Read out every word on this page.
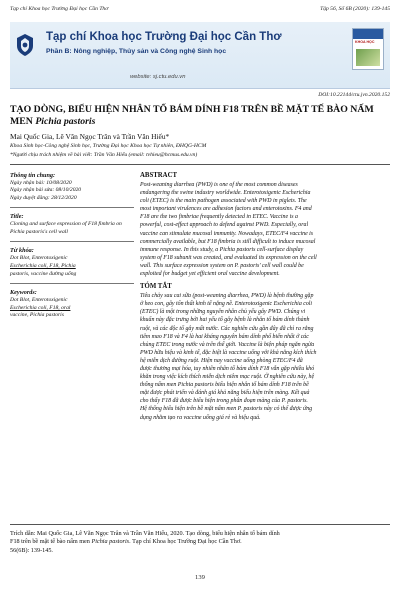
Tạp chí Khoa học Trường Đại học Cần Thơ	Tập 56, Số 6B (2020): 139-145
Tạp chí Khoa học Trường Đại học Cần Thơ
Phần B: Nông nghiệp, Thủy sản và Công nghệ Sinh học
website: sj.ctu.edu.vn
KHOA HỌC
DOI:10.22144/ctu.jvn.2020.152
TẠO DÒNG, BIỂU HIỆN NHÂN TỐ BÁM DÍNH F18 TRÊN BỀ MẶT TẾ BÀO NẤM MEN Pichia pastoris
Mai Quốc Gia, Lê Văn Ngọc Trân và Trần Văn Hiếu*
Khoa Sinh học-Công nghệ Sinh học, Trường Đại học Khoa học Tự nhiên, ĐHQG-HCM
*Người chịu trách nhiệm về bài viết: Trần Văn Hiếu (email: tvhieu@hcmus.edu.vn)

Thông tin chung:

Ngày nhận bài: 10/08/2020

Ngày nhận bài sửa: 08/10/2020

Ngày duyệt đăng: 28/12/2020

Title:

Cloning and surface expression of F18 fimbria on Pichia pastoris's cell wall

Từ khóa:

Dot Blot, Enterotoxigenic

Escherichia coli, F18, Pichia

pastoris, vaccine đường uống

Keywords:

Dot Blot, Enterotoxigenic

Escherichia coli, F18, oral

vaccine, Pichia pastoris

ABSTRACT

Post-weaning diarrhea (PWD) is one of the most common diseases

endangering the swine industry worldwide. Enterotoxigenic Escherichia

coli (ETEC) is the main pathogen associated with PWD in piglets. The

most important virulences are adhesion factors and enterotoxins. F4 and

F18 are the two fimbriae frequently detected in ETEC. Vaccine is a

powerful, cost-effect approach to defend against PWD. Especially, oral

vaccine can stimulate mucosal immunity. Nowadays, ETEC/F4 vaccine is

commercially available, but F18 fimbria is still difficult to induce mucosal

immune response. In this study, a Pichia pastoris cell-surface display

system of F18 subunit was created, and evaluated its expression on the cell

wall. This surface expression system on P. pastoris' cell wall could be

exploited for budget yet efficient oral vaccine development.

TÓM TẮT

Tiêu chảy sau cai sữa (post-weaning diarrhea, PWD) là bệnh thường gặp

ở heo con, gây tổn thất kinh tế nặng nề. Enterotoxigenic Escherichia coli

(ETEC) là một trong những nguyên nhân chủ yếu gây PWD. Chúng vi

khuẩn này đặc trưng bởi hai yếu tố gây bệnh là nhân tố bám dính thành

ruột, và các độc tố gây mất nước. Các nghiên cứu gần đây đã chỉ ra rằng

tiêm mao F18 và F4 là hai kháng nguyên bám dính phổ biến nhất ở các

chủng ETEC trong nước và trên thế giới. Vaccine là biện pháp ngăn ngừa

PWD hữu hiệu và kinh tế, đặc biệt là vaccine uống với khả năng kích thích

hệ miễn dịch đường ruột. Hiện nay vaccine uống phòng ETEC/F4 đã

được thương mại hóa, tuy nhiên nhân tố bám dính F18 vẫn gặp nhiều khó

khăn trong việc kích thích miễn dịch niêm mạc ruột. Ở nghiên cứu này, hệ

thống nấm men Pichia pastoris biểu hiện nhân tố bám dính F18 trên bề

mặt được phát triển và đánh giá khả năng biểu hiện trên màng. Kết quả

cho thấy F18 đã được biểu hiện trong phân đoạn màng của P. pastoris.

Hệ thống biểu hiện trên bề mặt nấm men P. pastoris này có thể được ứng

dụng nhằm tạo ra vaccine uống giá rẻ và hiệu quả.

Trích dẫn: Mai Quốc Gia, Lê Văn Ngọc Trân và Trần Văn Hiếu, 2020. Tạo dòng, biểu hiện nhân tố bám dính
F18 trên bề mặt tế bào nấm men Pichia pastoris. Tạp chí Khoa học Trường Đại học Cần Thơ.
56(6B): 139-145.
139
